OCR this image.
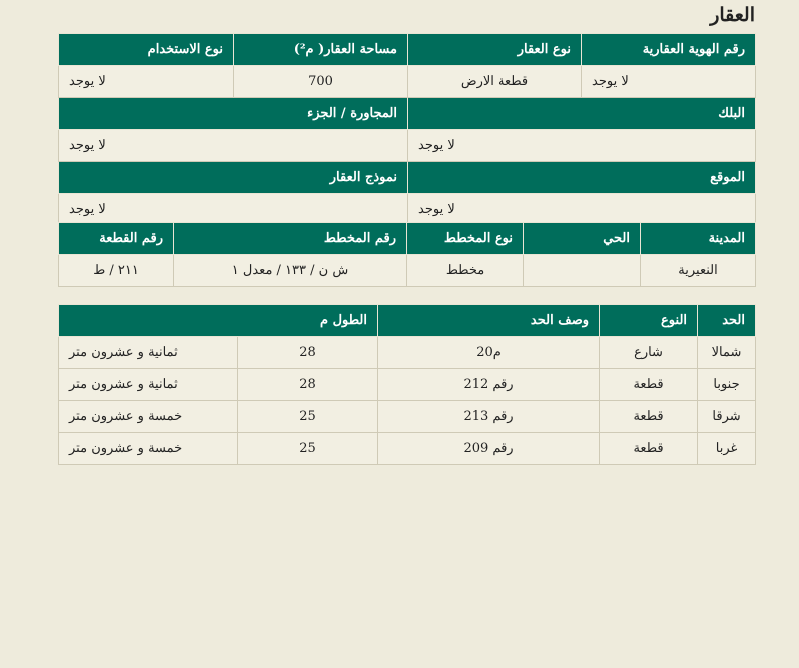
العقار
رقم الهوية العقارية	نوع العقار	مساحة العقار( م²)	نوع الاستخدام
لا يوجد	قطعة الارض	700	لا يوجد
البلك		المجاورة / الجزء	
لا يوجد		لا يوجد	
الموقع		نموذج العقار	
لا يوجد		لا يوجد	
المدينة	الحي	نوع المخطط	رقم المخطط	رقم القطعة
النعيرية		مخطط	ش ن / ١٣٣ / معدل ١	٢١١ / ط
الحد	النوع	وصف الحد	الطول م	
شمالا	شارع	م20	28	ثمانية و عشرون متر
جنوبا	قطعة	رقم 212	28	ثمانية و عشرون متر
شرقا	قطعة	رقم 213	25	خمسة و عشرون متر
غربا	قطعة	رقم 209	25	خمسة و عشرون متر
